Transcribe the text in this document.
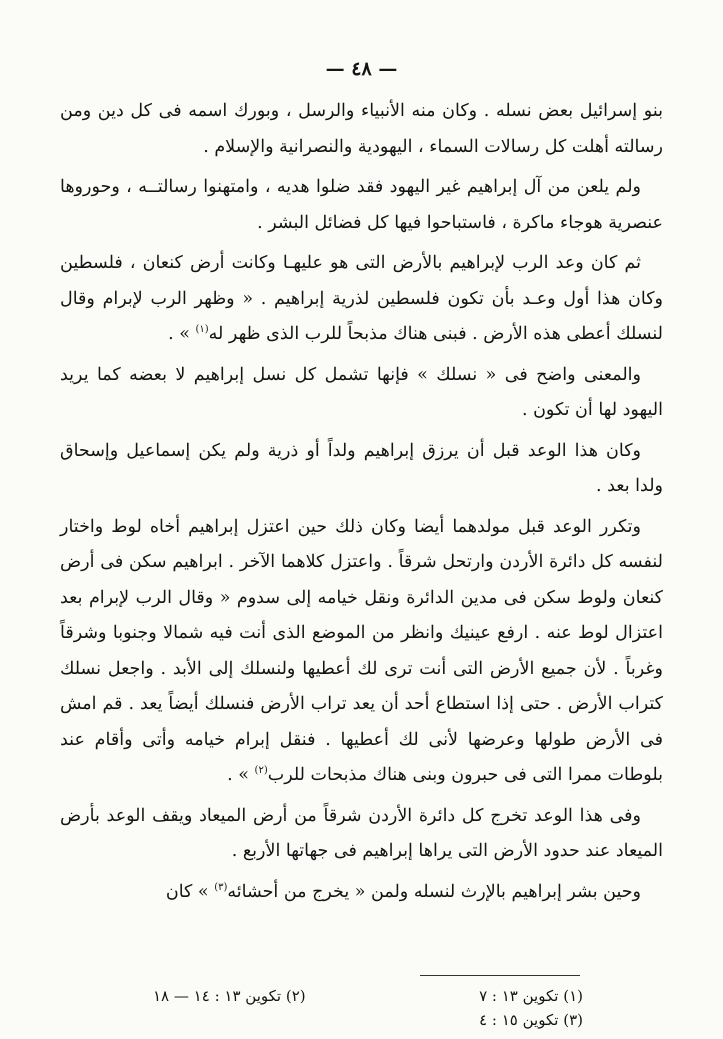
— ٤٨ —

بنو إسرائيل بعض نسله . وكان منه الأنبياء والرسل ، وبورك اسمه فى كل دين ومن رسالته أهلت كل رسالات السماء ، اليهودية والنصرانية والإسلام .

ولم يلعن من آل إبراهيم غير اليهود فقد ضلوا هديه ، وامتهنوا رسالتــه ، وحوروها عنصرية هوجاء ماكرة ، فاستباحوا فيها كل فضائل البشر .

ثم كان وعد الرب لإبراهيم بالأرض التى هو عليهـا وكانت أرض كنعان ، فلسطين وكان هذا أول وعـد بأن تكون فلسطين لذرية إبراهيم . « وظهر الرب لإبرام وقال لنسلك أعطى هذه الأرض . فبنى هناك مذبحاً للرب الذى ظهر له$^{(١)}$ » .

والمعنى واضح فى « نسلك » فإنها تشمل كل نسل إبراهيم لا بعضه كما يريد اليهود لها أن تكون .

وكان هذا الوعد قبل أن يرزق إبراهيم ولداً أو ذرية ولم يكن إسماعيل وإسحاق ولدا بعد .

وتكرر الوعد قبل مولدهما أيضا وكان ذلك حين اعتزل إبراهيم أخاه لوط واختار لنفسه كل دائرة الأردن وارتحل شرقاً . واعتزل كلاهما الآخر . ابراهيم سكن فى أرض كنعان ولوط سكن فى مدين الدائرة ونقل خيامه إلى سدوم « وقال الرب لإبرام بعد اعتزال لوط عنه . ارفع عينيك وانظر من الموضع الذى أنت فيه شمالا وجنوبا وشرقاً وغرباً . لأن جميع الأرض التى أنت ترى لك أعطيها ولنسلك إلى الأبد . واجعل نسلك كتراب الأرض . حتى إذا استطاع أحد أن يعد تراب الأرض فنسلك أيضاً يعد . قم امش فى الأرض طولها وعرضها لأنى لك أعطيها . فنقل إبرام خيامه وأتى وأقام عند بلوطات ممرا التى فى حبرون وبنى هناك مذبحات للرب$^{(٢)}$ » .

وفى هذا الوعد تخرج كل دائرة الأردن شرقاً من أرض الميعاد ويقف الوعد بأرض الميعاد عند حدود الأرض التى يراها إبراهيم فى جهاتها الأربع .

وحين بشر إبراهيم بالإرث لنسله ولمن « يخرج من أحشائه$^{(٣)}$ » كان

(١) تكوين ١٣ : ٧
(٢) تكوين ١٣ : ١٤ — ١٨
(٣) تكوين ١٥ : ٤
